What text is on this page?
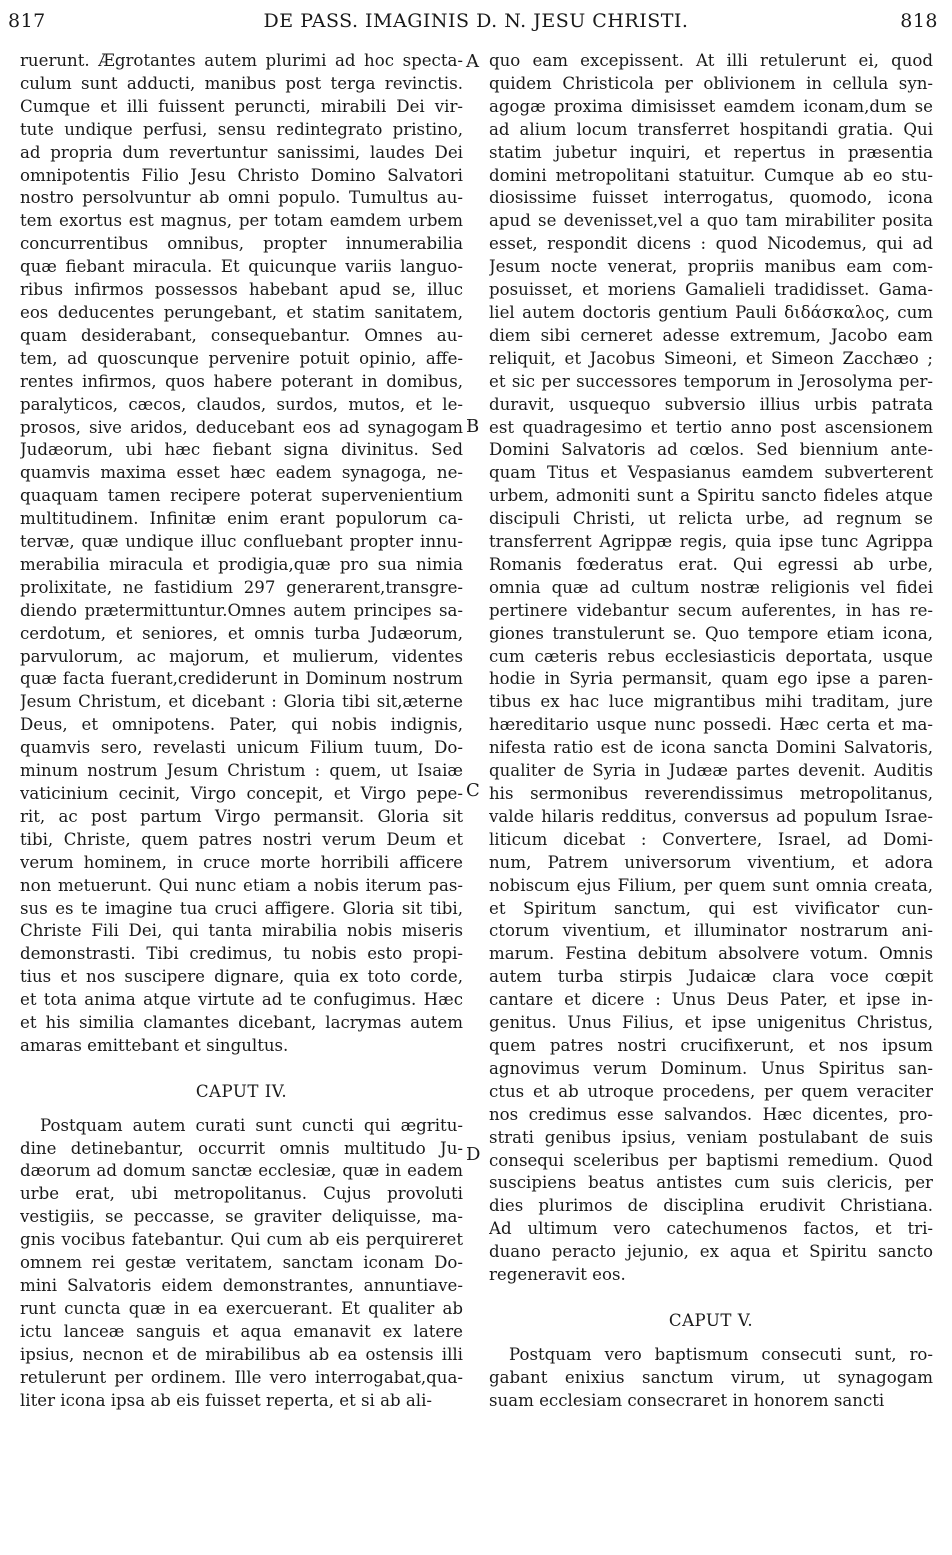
DE PASS. IMAGINIS D. N. JESU CHRISTI.
817	818
A
B
C
D
ruerunt. Ægrotantes autem plurimi ad hoc specta-
culum sunt adducti, manibus post terga revinctis.
Cumque et illi fuissent peruncti, mirabili Dei vir-
tute undique perfusi, sensu redintegrato pristino,
ad propria dum revertuntur sanissimi, laudes Dei
omnipotentis Filio Jesu Christo Domino Salvatori
nostro persolvuntur ab omni populo. Tumultus au-
tem exortus est magnus, per totam eamdem urbem
concurrentibus omnibus, propter innumerabilia
quæ fiebant miracula. Et quicunque variis languo-
ribus infirmos possessos habebant apud se, illuc
eos deducentes perungebant, et statim sanitatem,
quam desiderabant, consequebantur. Omnes au-
tem, ad quoscunque pervenire potuit opinio, affe-
rentes infirmos, quos habere poterant in domibus,
paralyticos, cæcos, claudos, surdos, mutos, et le-
prosos, sive aridos, deducebant eos ad synagogam
Judæorum, ubi hæc fiebant signa divinitus. Sed
quamvis maxima esset hæc eadem synagoga, ne-
quaquam tamen recipere poterat supervenientium
multitudinem. Infinitæ enim erant populorum ca-
tervæ, quæ undique illuc confluebant propter innu-
merabilia miracula et prodigia,quæ pro sua nimia
prolixitate, ne fastidium 297 generarent,transgre-
diendo prætermittuntur.Omnes autem principes sa-
cerdotum, et seniores, et omnis turba Judæorum,
parvulorum, ac majorum, et mulierum, videntes
quæ facta fuerant,crediderunt in Dominum nostrum
Jesum Christum, et dicebant : Gloria tibi sit,æterne
Deus, et omnipotens. Pater, qui nobis indignis,
quamvis sero, revelasti unicum Filium tuum, Do-
minum nostrum Jesum Christum : quem, ut Isaiæ
vaticinium cecinit, Virgo concepit, et Virgo pepe-
rit, ac post partum Virgo permansit. Gloria sit
tibi, Christe, quem patres nostri verum Deum et
verum hominem, in cruce morte horribili afficere
non metuerunt. Qui nunc etiam a nobis iterum pas-
sus es te imagine tua cruci affigere. Gloria sit tibi,
Christe Fili Dei, qui tanta mirabilia nobis miseris
demonstrasti. Tibi credimus, tu nobis esto propi-
tius et nos suscipere dignare, quia ex toto corde,
et tota anima atque virtute ad te confugimus. Hæc
et his similia clamantes dicebant, lacrymas autem
amaras emittebant et singultus.
CAPUT IV.
Postquam autem curati sunt cuncti qui ægritu-
dine detinebantur, occurrit omnis multitudo Ju-
dæorum ad domum sanctæ ecclesiæ, quæ in eadem
urbe erat, ubi metropolitanus. Cujus provoluti
vestigiis, se peccasse, se graviter deliquisse, ma-
gnis vocibus fatebantur. Qui cum ab eis perquireret
omnem rei gestæ veritatem, sanctam iconam Do-
mini Salvatoris eidem demonstrantes, annuntiave-
runt cuncta quæ in ea exercuerant. Et qualiter ab
ictu lanceæ sanguis et aqua emanavit ex latere
ipsius, necnon et de mirabilibus ab ea ostensis illi
retulerunt per ordinem. Ille vero interrogabat,qua-
liter icona ipsa ab eis fuisset reperta, et si ab ali-
quo eam excepissent. At illi retulerunt ei, quod
quidem Christicola per oblivionem in cellula syn-
agogæ proxima dimisisset eamdem iconam,dum se
ad alium locum transferret hospitandi gratia. Qui
statim jubetur inquiri, et repertus in præsentia
domini metropolitani statuitur. Cumque ab eo stu-
diosissime fuisset interrogatus, quomodo, icona
apud se devenisset,vel a quo tam mirabiliter posita
esset, respondit dicens : quod Nicodemus, qui ad
Jesum nocte venerat, propriis manibus eam com-
posuisset, et moriens Gamalieli tradidisset. Gama-
liel autem doctoris gentium Pauli διδάσκαλος, cum
diem sibi cerneret adesse extremum, Jacobo eam
reliquit, et Jacobus Simeoni, et Simeon Zacchæo ;
et sic per successores temporum in Jerosolyma per-
duravit, usquequo subversio illius urbis patrata
est quadragesimo et tertio anno post ascensionem
Domini Salvatoris ad cœlos. Sed biennium ante-
quam Titus et Vespasianus eamdem subverterent
urbem, admoniti sunt a Spiritu sancto fideles atque
discipuli Christi, ut relicta urbe, ad regnum se
transferrent Agrippæ regis, quia ipse tunc Agrippa
Romanis fœderatus erat. Qui egressi ab urbe,
omnia quæ ad cultum nostræ religionis vel fidei
pertinere videbantur secum auferentes, in has re-
giones transtulerunt se. Quo tempore etiam icona,
cum cæteris rebus ecclesiasticis deportata, usque
hodie in Syria permansit, quam ego ipse a paren-
tibus ex hac luce migrantibus mihi traditam, jure
hæreditario usque nunc possedi. Hæc certa et ma-
nifesta ratio est de icona sancta Domini Salvatoris,
qualiter de Syria in Judææ partes devenit. Auditis
his sermonibus reverendissimus metropolitanus,
valde hilaris redditus, conversus ad populum Israe-
liticum dicebat : Convertere, Israel, ad Domi-
num, Patrem universorum viventium, et adora
nobiscum ejus Filium, per quem sunt omnia creata,
et Spiritum sanctum, qui est vivificator cun-
ctorum viventium, et illuminator nostrarum ani-
marum. Festina debitum absolvere votum. Omnis
autem turba stirpis Judaicæ clara voce cœpit
cantare et dicere : Unus Deus Pater, et ipse in-
genitus. Unus Filius, et ipse unigenitus Christus,
quem patres nostri crucifixerunt, et nos ipsum
agnovimus verum Dominum. Unus Spiritus san-
ctus et ab utroque procedens, per quem veraciter
nos credimus esse salvandos. Hæc dicentes, pro-
strati genibus ipsius, veniam postulabant de suis
consequi sceleribus per baptismi remedium. Quod
suscipiens beatus antistes cum suis clericis, per
dies plurimos de disciplina erudivit Christiana.
Ad ultimum vero catechumenos factos, et tri-
duano peracto jejunio, ex aqua et Spiritu sancto
regeneravit eos.
CAPUT V.
Postquam vero baptismum consecuti sunt, ro-
gabant enixius sanctum virum, ut synagogam
suam ecclesiam consecraret in honorem sancti
